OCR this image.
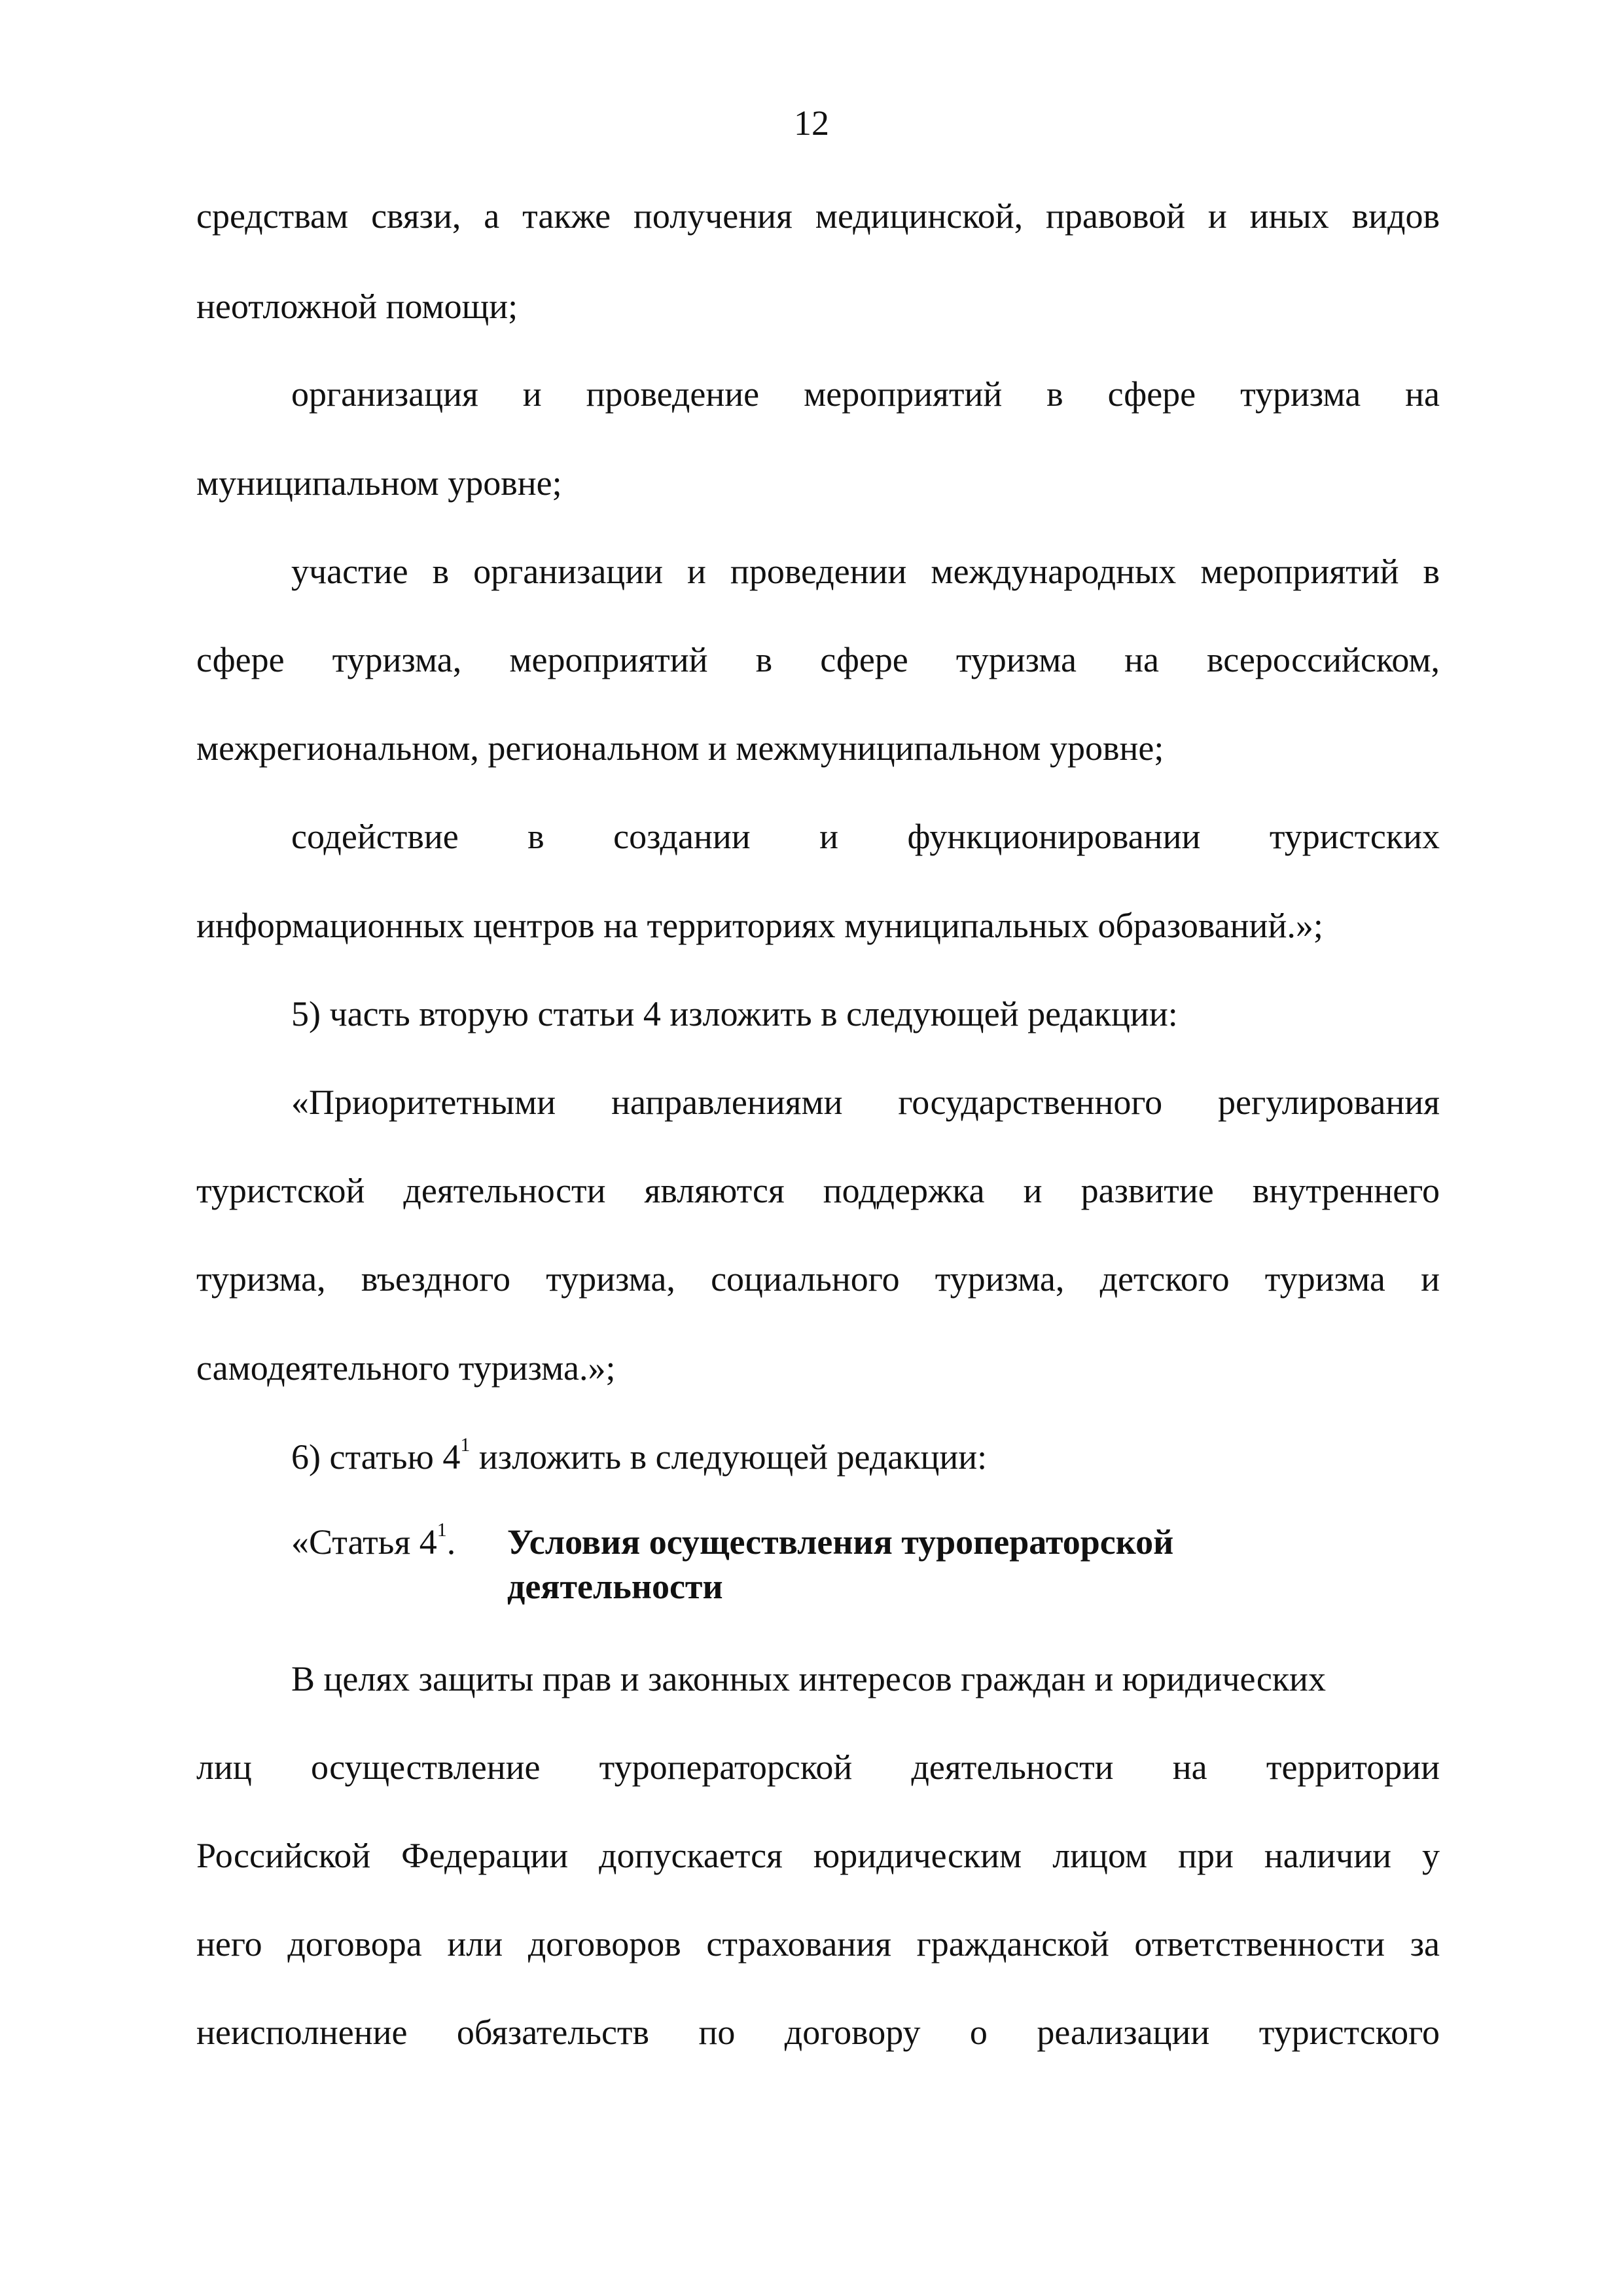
12
средствам связи, а также получения медицинской, правовой и иных видов
неотложной помощи;
организация и проведение мероприятий в сфере туризма на
муниципальном уровне;
участие в организации и проведении международных мероприятий в
сфере туризма, мероприятий в сфере туризма на всероссийском,
межрегиональном, региональном и межмуниципальном уровне;
содействие в создании и функционировании туристских
информационных центров на территориях муниципальных образований.»;
5) часть вторую статьи 4 изложить в следующей редакции:
«Приоритетными направлениями государственного регулирования
туристской деятельности являются поддержка и развитие внутреннего
туризма, въездного туризма, социального туризма, детского туризма и
самодеятельного туризма.»;
6) статью $4^1$ изложить в следующей редакции:
«Статья $4^1$. Условия осуществления туроператорской
деятельности
В целях защиты прав и законных интересов граждан и юридических
лиц осуществление туроператорской деятельности на территории
Российской Федерации допускается юридическим лицом при наличии у
него договора или договоров страхования гражданской ответственности за
неисполнение обязательств по договору о реализации туристского
